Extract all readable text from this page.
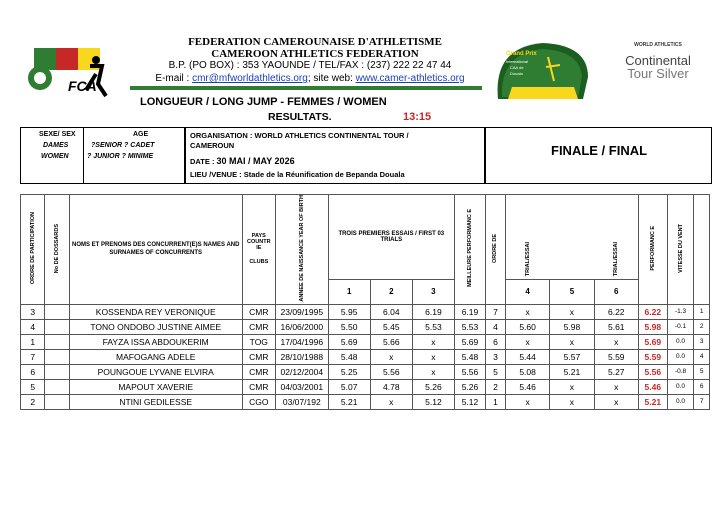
FCA
FEDERATION CAMEROUNAISE D'ATHLETISME
CAMEROON ATHLETICS FEDERATION
B.P. (PO BOX) : 353 YAOUNDE / TEL/FAX : (237) 222 22 47 44
E-mail : cmr@mfworldathletics.org; site web: www.camer-athletics.org
Grand Prix
International
CAA de
Douala
WORLD ATHLETICS
Continental
Tour Silver
LONGUEUR / LONG JUMP - FEMMES / WOMEN
RESULTATS.	13:15
SEXE/ SEX
DAMES
WOMEN
AGE
?SENIOR ? CADET
? JUNIOR ? MINIME
ORGANISATION : WORLD ATHLETICS CONTINENTAL TOUR / CAMEROUN
DATE : 30 MAI / MAY 2026
LIEU /VENUE : Stade de la Réunification de Bepanda Douala
FINALE / FINAL
ORDRE DE PARTICIPATION	No DE DOSSARDS	NOMS ET PRENOMS DES CONCURRENT(E)S NAMES AND SURNAMES OF CONCURRENTS	PAYS COUNTR IE
CLUBS	ANNEE DE NAISSANCE YEAR OF BIRTH	TROIS PREMIERS ESSAIS / FIRST 03 TRIALS			MEILLEURE PERFORMANC E	ORDRE DE	TRIAL/ESSAI		TRIAL/ESSAI	PERFORMANC E	VITESSE DU VENT	
					1	2	3			4	5	6			
3		KOSSENDA REY VERONIQUE	CMR	23/09/1995	5.95	6.04	6.19	6.19	7	x	x	6.22	6.22	-1.3	1
4		TONO ONDOBO JUSTINE AIMEE	CMR	16/06/2000	5.50	5.45	5.53	5.53	4	5.60	5.98	5.61	5.98	-0.1	2
1		FAYZA ISSA ABDOUKERIM	TOG	17/04/1996	5.69	5.66	x	5.69	6	x	x	x	5.69	0.0	3
7		MAFOGANG ADELE	CMR	28/10/1988	5.48	x	x	5.48	3	5.44	5.57	5.59	5.59	0.0	4
6		POUNGOUE LYVANE ELVIRA	CMR	02/12/2004	5.25	5.56	x	5.56	5	5.08	5.21	5.27	5.56	-0.8	5
5		MAPOUT XAVERIE	CMR	04/03/2001	5.07	4.78	5.26	5.26	2	5.46	x	x	5.46	0.0	6
2		NTINI GEDILESSE	CGO	03/07/192	5.21	x	5.12	5.12	1	x	x	x	5.21	0.0	7
